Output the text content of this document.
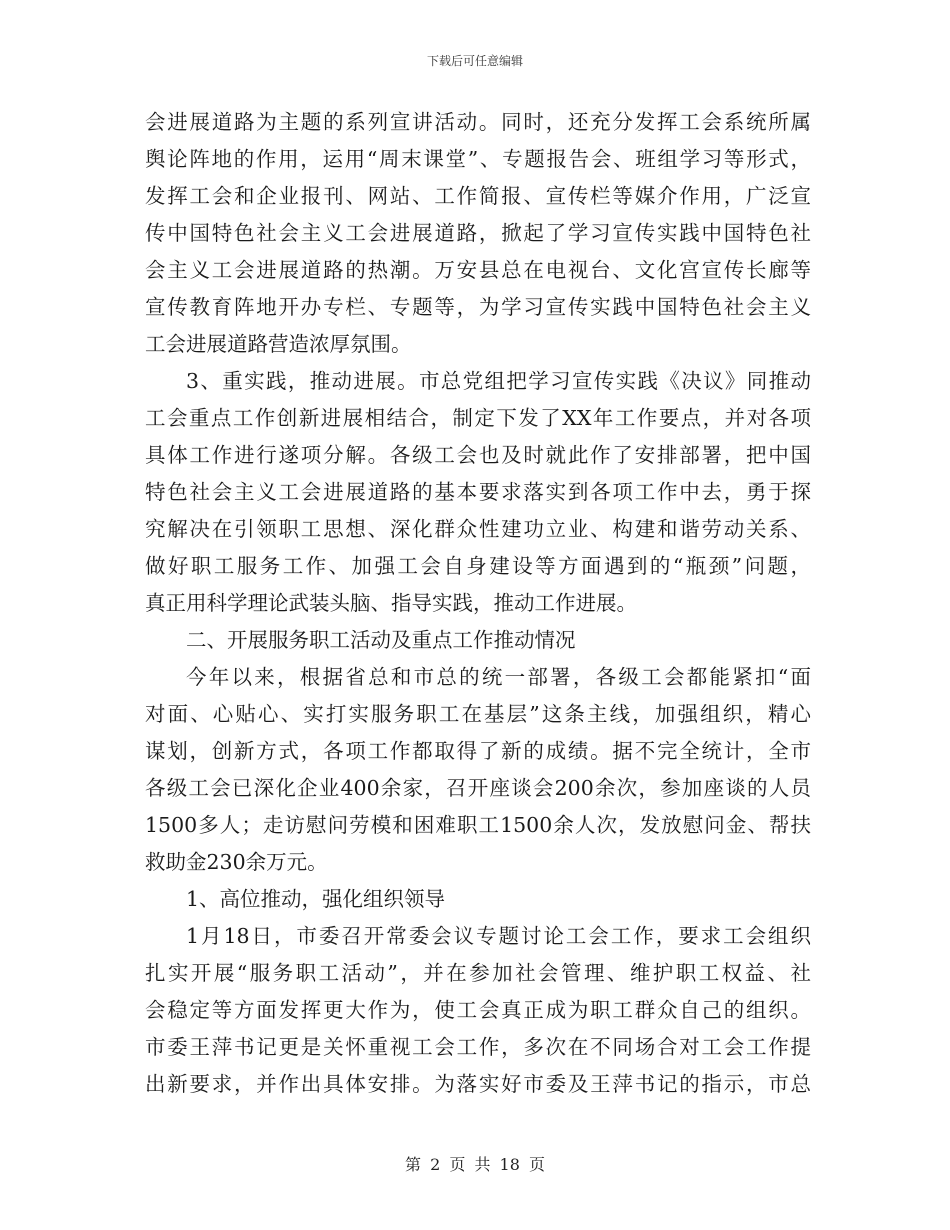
下载后可任意编辑
会进展道路为主题的系列宣讲活动。同时，还充分发挥工会系统所属
舆论阵地的作用，运用“周末课堂”、专题报告会、班组学习等形式，
发挥工会和企业报刊、网站、工作简报、宣传栏等媒介作用，广泛宣
传中国特色社会主义工会进展道路，掀起了学习宣传实践中国特色社
会主义工会进展道路的热潮。万安县总在电视台、文化宫宣传长廊等
宣传教育阵地开办专栏、专题等，为学习宣传实践中国特色社会主义
工会进展道路营造浓厚氛围。
3、重实践，推动进展。市总党组把学习宣传实践《决议》同推动
工会重点工作创新进展相结合，制定下发了XX年工作要点，并对各项
具体工作进行遂项分解。各级工会也及时就此作了安排部署，把中国
特色社会主义工会进展道路的基本要求落实到各项工作中去，勇于探
究解决在引领职工思想、深化群众性建功立业、构建和谐劳动关系、
做好职工服务工作、加强工会自身建设等方面遇到的“瓶颈”问题，
真正用科学理论武装头脑、指导实践，推动工作进展。
二、开展服务职工活动及重点工作推动情况
今年以来，根据省总和市总的统一部署，各级工会都能紧扣“面
对面、心贴心、实打实服务职工在基层”这条主线，加强组织，精心
谋划，创新方式，各项工作都取得了新的成绩。据不完全统计，全市
各级工会已深化企业400余家，召开座谈会200余次，参加座谈的人员
1500多人；走访慰问劳模和困难职工1500余人次，发放慰问金、帮扶
救助金230余万元。
1、高位推动，强化组织领导
1月18日，市委召开常委会议专题讨论工会工作，要求工会组织
扎实开展“服务职工活动”，并在参加社会管理、维护职工权益、社
会稳定等方面发挥更大作为，使工会真正成为职工群众自己的组织。
市委王萍书记更是关怀重视工会工作，多次在不同场合对工会工作提
出新要求，并作出具体安排。为落实好市委及王萍书记的指示，市总
第 2 页 共 18 页
